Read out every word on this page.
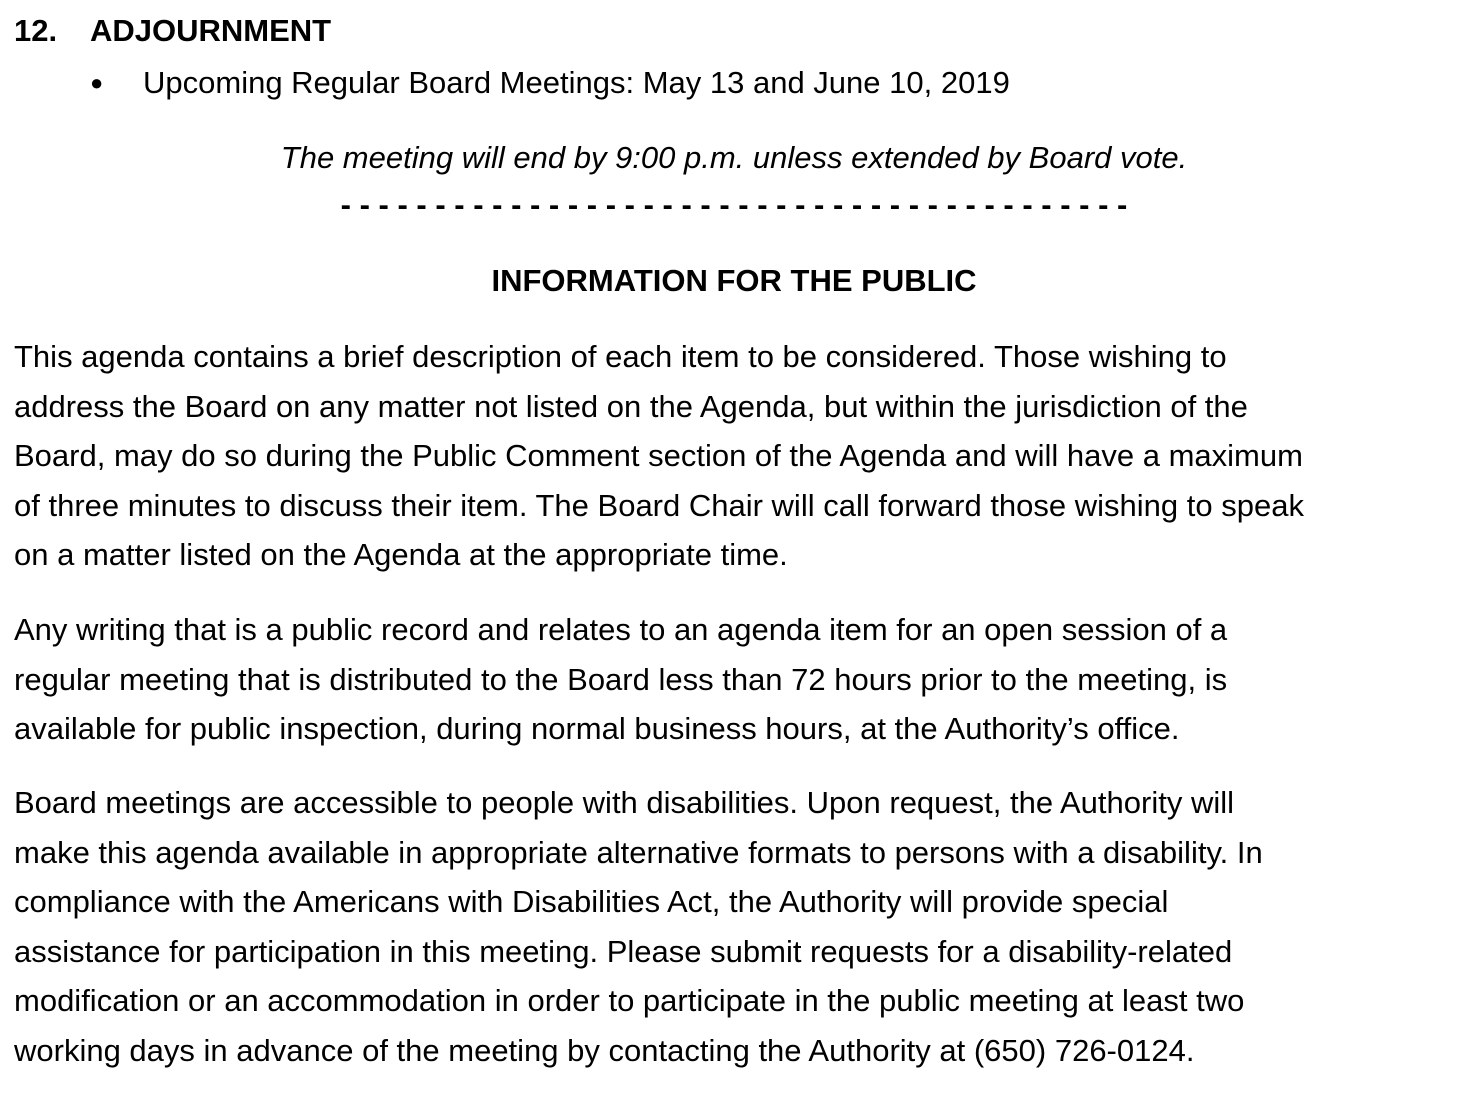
12. ADJOURNMENT
● Upcoming Regular Board Meetings: May 13 and June 10, 2019
The meeting will end by 9:00 p.m. unless extended by Board vote.
- - - - - - - - - - - - - - - - - - - - - - - - - - - - - - - - - - - - - - - - - -
INFORMATION FOR THE PUBLIC
This agenda contains a brief description of each item to be considered. Those wishing to
address the Board on any matter not listed on the Agenda, but within the jurisdiction of the
Board, may do so during the Public Comment section of the Agenda and will have a maximum
of three minutes to discuss their item. The Board Chair will call forward those wishing to speak
on a matter listed on the Agenda at the appropriate time.
Any writing that is a public record and relates to an agenda item for an open session of a
regular meeting that is distributed to the Board less than 72 hours prior to the meeting, is
available for public inspection, during normal business hours, at the Authority’s office.
Board meetings are accessible to people with disabilities. Upon request, the Authority will
make this agenda available in appropriate alternative formats to persons with a disability. In
compliance with the Americans with Disabilities Act, the Authority will provide special
assistance for participation in this meeting. Please submit requests for a disability-related
modification or an accommodation in order to participate in the public meeting at least two
working days in advance of the meeting by contacting the Authority at (650) 726-0124.
